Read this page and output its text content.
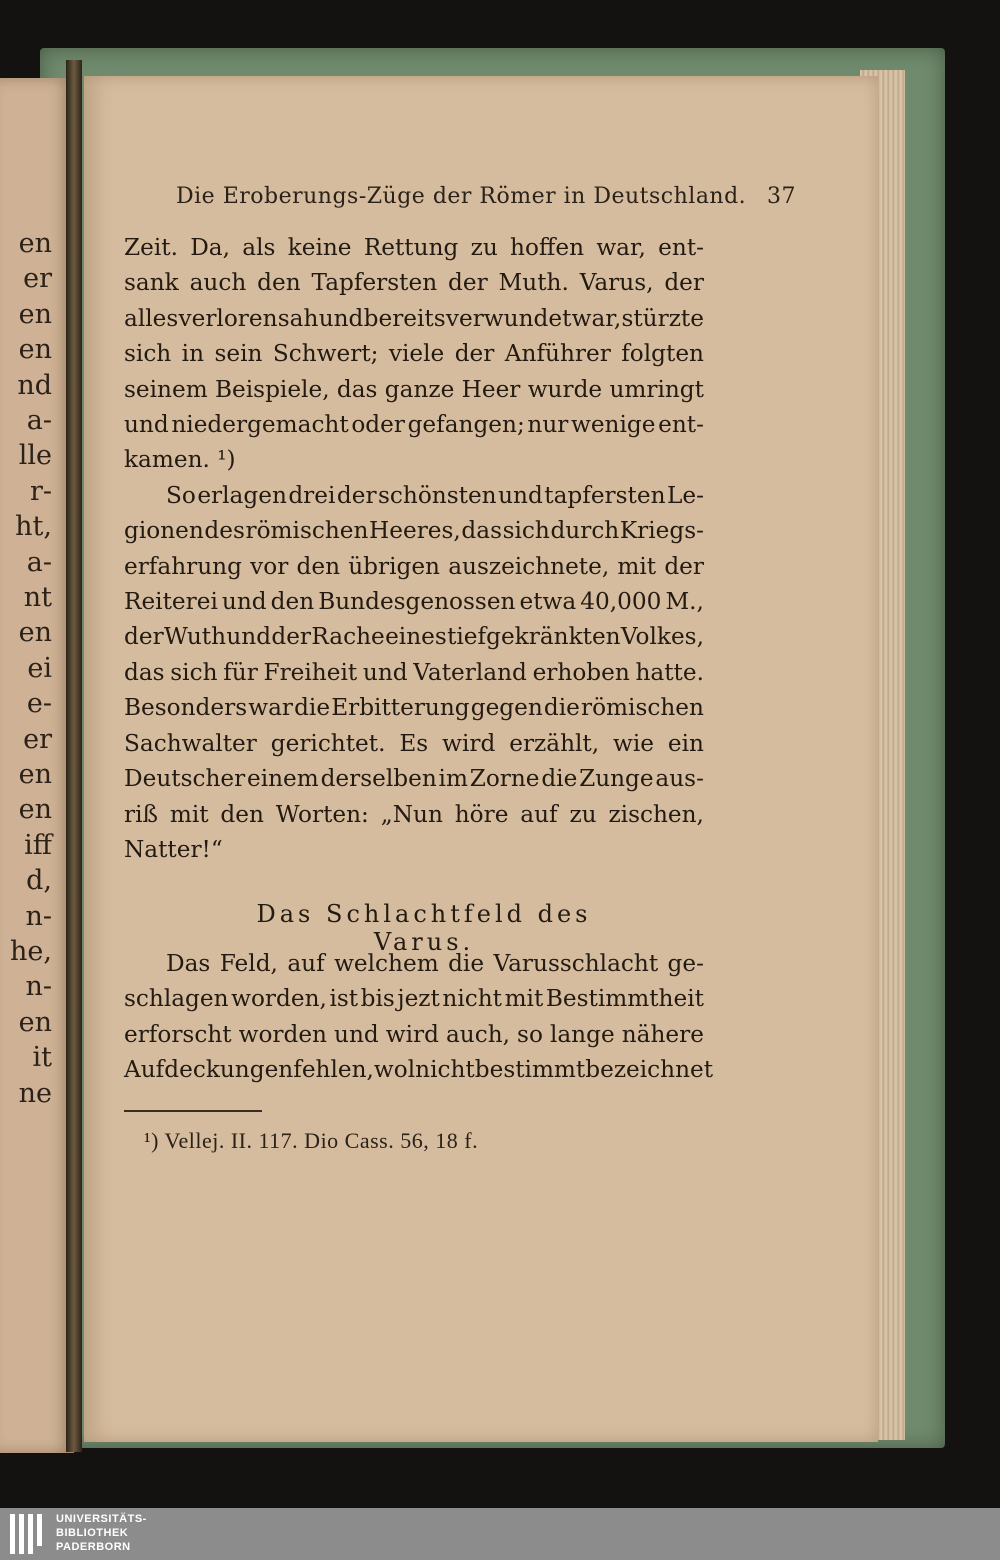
en
er
en
en
nd
a-
lle
r-
ht,
a-
nt
en
ei
e-
er
en
en
iff
d,
n-
he,
n-
en
it
ne
Die Eroberungs-Züge der Römer in Deutschland. 37
Zeit. Da, als keine Rettung zu hoffen war, ent-
sank auch den Tapfersten der Muth. Varus, der
alles verloren sah und bereits verwundet war, stürzte
sich in sein Schwert; viele der Anführer folgten
seinem Beispiele, das ganze Heer wurde umringt
und niedergemacht oder gefangen; nur wenige ent-
kamen. ¹)
So erlagen drei der schönsten und tapfersten Le-
gionen des römischen Heeres, das sich durch Kriegs-
erfahrung vor den übrigen auszeichnete, mit der
Reiterei und den Bundesgenossen etwa 40,000 M.,
der Wuth und der Rache eines tiefgekränkten Volkes,
das sich für Freiheit und Vaterland erhoben hatte.
Besonders war die Erbitterung gegen die römischen
Sachwalter gerichtet. Es wird erzählt, wie ein
Deutscher einem derselben im Zorne die Zunge aus-
riß mit den Worten: „Nun höre auf zu zischen,
Natter!“
Das Schlachtfeld des Varus.
Das Feld, auf welchem die Varusschlacht ge-
schlagen worden, ist bis jezt nicht mit Bestimmtheit
erforscht worden und wird auch, so lange nähere
Aufdeckungen fehlen, wol nicht bestimmt bezeichnet
¹) Vellej. II. 117. Dio Cass. 56, 18 f.
UNIVERSITÄTS-
BIBLIOTHEK
PADERBORN
